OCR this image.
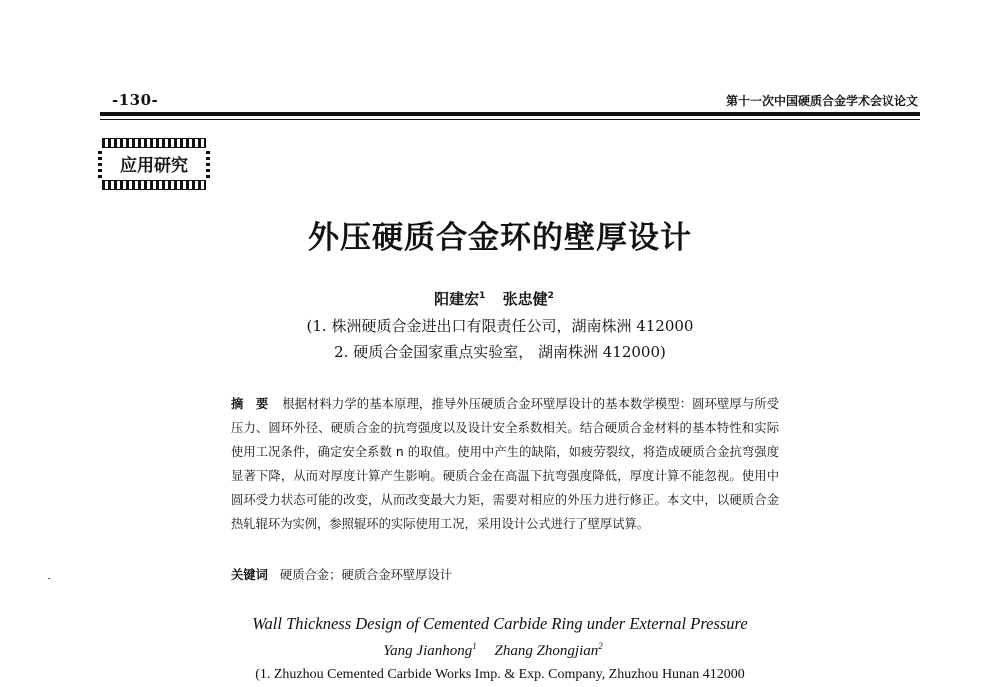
-130-	第十一次中国硬质合金学术会议论文
应用研究
外压硬质合金环的壁厚设计
阳建宏$^1$ 张忠健$^2$
(1. 株洲硬质合金进出口有限责任公司，湖南株洲 412000
2. 硬质合金国家重点实验室， 湖南株洲 412000)
摘　要 根据材料力学的基本原理，推导外压硬质合金环壁厚设计的基本数学模型：圆环壁厚与所受压力、圆环外径、硬质合金的抗弯强度以及设计安全系数相关。结合硬质合金材料的基本特性和实际使用工况条件，确定安全系数 n 的取值。使用中产生的缺陷，如疲劳裂纹，将造成硬质合金抗弯强度显著下降，从而对厚度计算产生影响。硬质合金在高温下抗弯强度降低，厚度计算不能忽视。使用中圆环受力状态可能的改变，从而改变最大力矩，需要对相应的外压力进行修正。本文中，以硬质合金热轧辊环为实例，参照辊环的实际使用工况，采用设计公式进行了壁厚试算。
关键词 硬质合金；硬质合金环壁厚设计
Wall Thickness Design of Cemented Carbide Ring under External Pressure
Yang Jianhong$^1$ Zhang Zhongjian$^2$
(1. Zhuzhou Cemented Carbide Works Imp. & Exp. Company, Zhuzhou Hunan 412000
